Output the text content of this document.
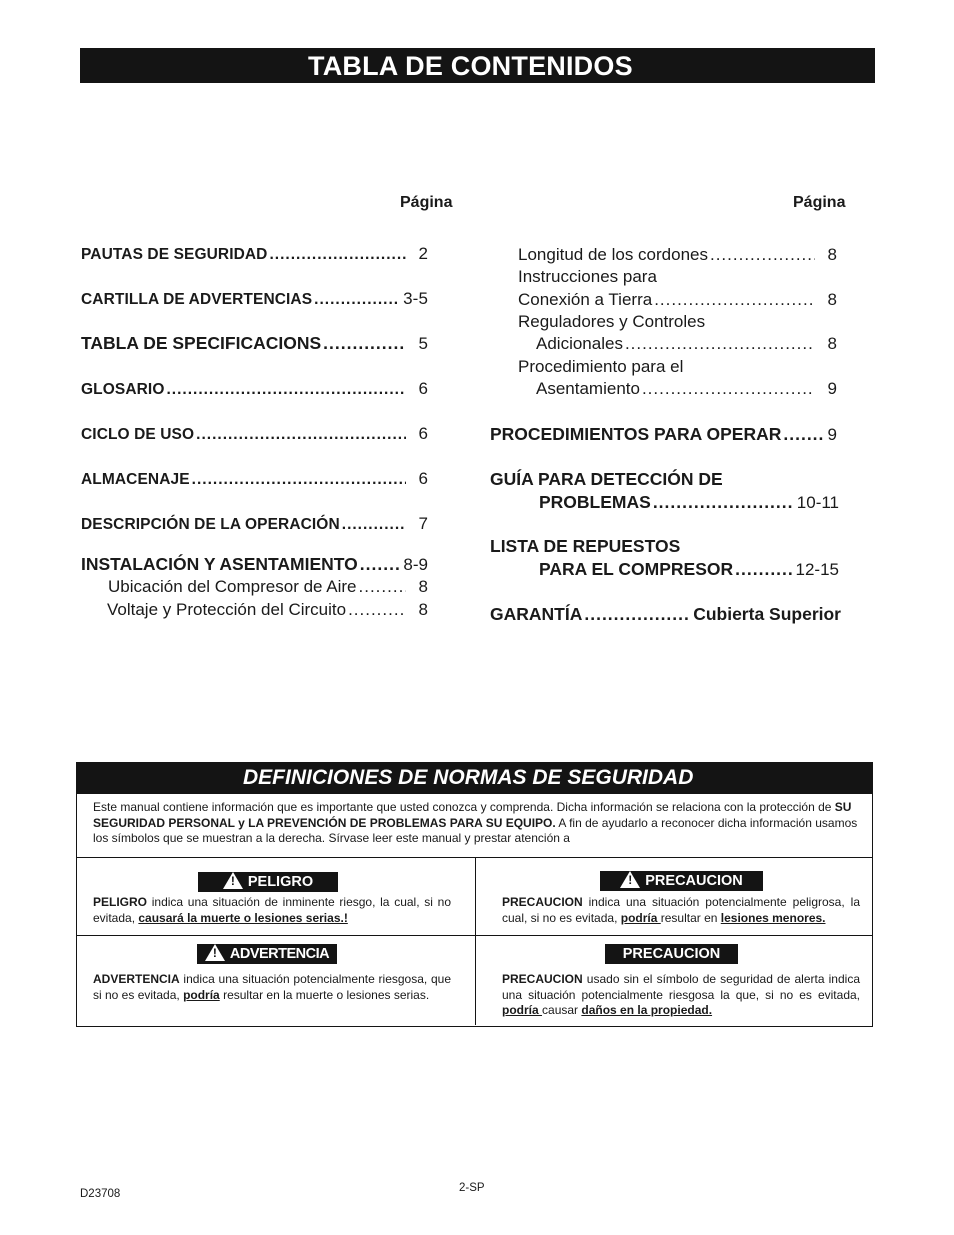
TABLA DE CONTENIDOS
Página	Página
PAUTAS DE SEGURIDAD .....	2
CARTILLA DE ADVERTENCIAS .....	3-5
TABLA DE SPECIFICACIONS .....	5
GLOSARIO .....	6
CICLO DE USO .....	6
ALMACENAJE .....	6
DESCRIPCIÓN DE LA OPERACIÓN .....	7
INSTALACIÓN Y ASENTAMIENTO .....	8-9
Ubicación del Compresor de Aire .....	8
Voltaje y Protección del Circuito .....	8
Longitud de los cordones .....	8
Instrucciones para
Conexión a Tierra .....	8
Reguladores y Controles
Adicionales .....	8
Procedimiento para el
Asentamiento .....	9
PROCEDIMIENTOS PARA OPERAR .....	9
GUÍA PARA DETECCIÓN DE
PROBLEMAS .....	10-11
LISTA DE REPUESTOS
PARA EL COMPRESOR .....	12-15
GARANTÍA .....	Cubierta Superior
DEFINICIONES DE NORMAS DE SEGURIDAD
Este manual contiene información que es importante que usted conozca y comprenda. Dicha información se relaciona con la protección de SU SEGURIDAD PERSONAL y LA PREVENCIÓN DE PROBLEMAS PARA SU EQUIPO. A fin de ayudarlo a reconocer dicha información usamos los símbolos que se muestran a la derecha. Sírvase leer este manual y prestar atención a
!PELIGRO
PELIGRO indica una situación de inminente riesgo, la cual, si no evitada, causará la muerte o lesiones serias.!
!PRECAUCION
PRECAUCION indica una situación potencialmente peligrosa, la cual, si no es evitada, podría resultar en lesiones menores.
!ADVERTENCIA
ADVERTENCIA indica una situación potencialmente riesgosa, que si no es evitada, podría resultar en la muerte o lesiones serias.
PRECAUCION
PRECAUCION usado sin el símbolo de seguridad de alerta indica una situación potencialmente riesgosa la que, si no es evitada, podría causar daños en la propiedad.
2-SP
D23708
